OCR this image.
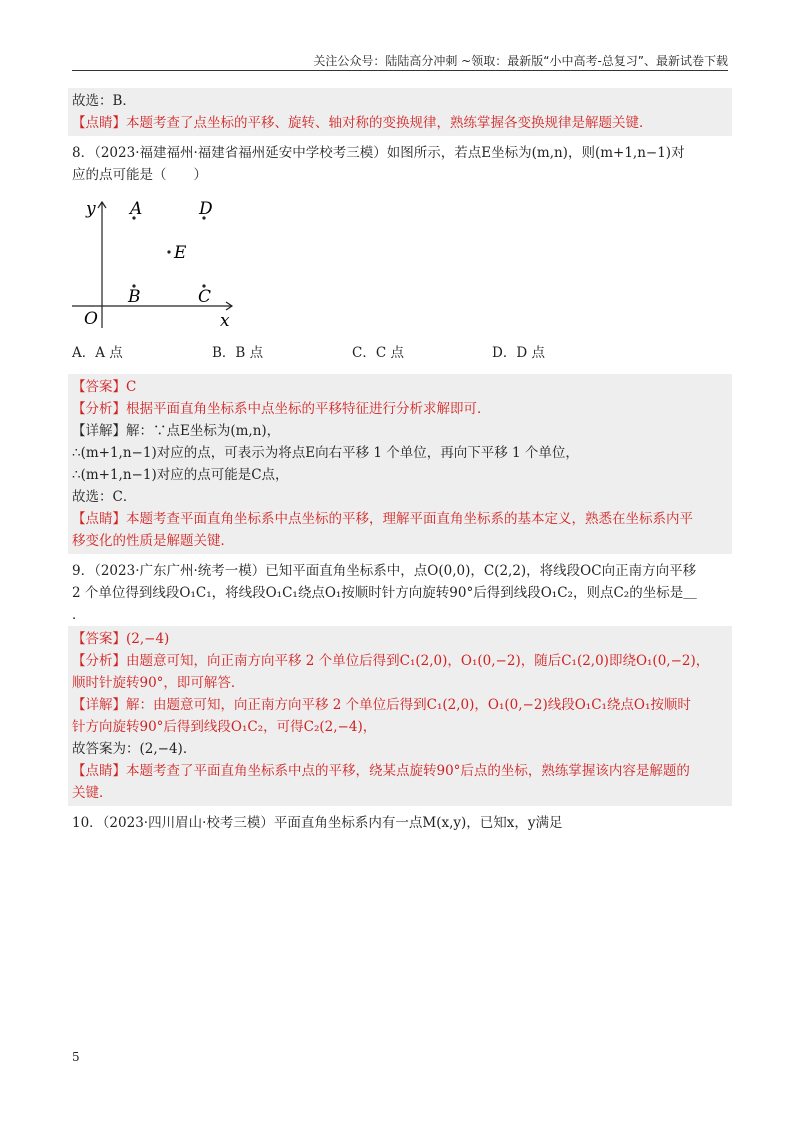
关注公众号：陆陆高分冲刺 ~领取：最新版“小中高考-总复习”、最新试卷下载
故选：B．
【点睛】本题考查了点坐标的平移、旋转、轴对称的变换规律，熟练掌握各变换规律是解题关键．
8．（2023·福建福州·福建省福州延安中学校考三模）如图所示，若点E坐标为(m,n)，则(m+1,n−1)对
应的点可能是（　　）
y
x
O
A	D
E
B	C
A．A 点	B．B 点	C．C 点	D．D 点
【答案】C
【分析】根据平面直角坐标系中点坐标的平移特征进行分析求解即可．
【详解】解：∵点E坐标为(m,n)，
∴(m+1,n−1)对应的点，可表示为将点E向右平移 1 个单位，再向下平移 1 个单位，
∴(m+1,n−1)对应的点可能是C点，
故选：C．
【点睛】本题考查平面直角坐标系中点坐标的平移，理解平面直角坐标系的基本定义，熟悉在坐标系内平
移变化的性质是解题关键．
9．（2023·广东广州·统考一模）已知平面直角坐标系中，点O(0,0)，C(2,2)，将线段OC向正南方向平移
2 个单位得到线段O₁C₁，将线段O₁C₁绕点O₁按顺时针方向旋转90°后得到线段O₁C₂，则点C₂的坐标是＿
．
【答案】(2,−4)
【分析】由题意可知，向正南方向平移 2 个单位后得到C₁(2,0)，O₁(0,−2)，随后C₁(2,0)即绕O₁(0,−2)，
顺时针旋转90°，即可解答．
【详解】解：由题意可知，向正南方向平移 2 个单位后得到C₁(2,0)，O₁(0,−2)线段O₁C₁绕点O₁按顺时
针方向旋转90°后得到线段O₁C₂，可得C₂(2,−4)，
故答案为：(2,−4)．
【点睛】本题考查了平面直角坐标系中点的平移，绕某点旋转90°后点的坐标，熟练掌握该内容是解题的
关键．
10．（2023·四川眉山·校考三模）平面直角坐标系内有一点M(x,y)，已知x，y满足
5
